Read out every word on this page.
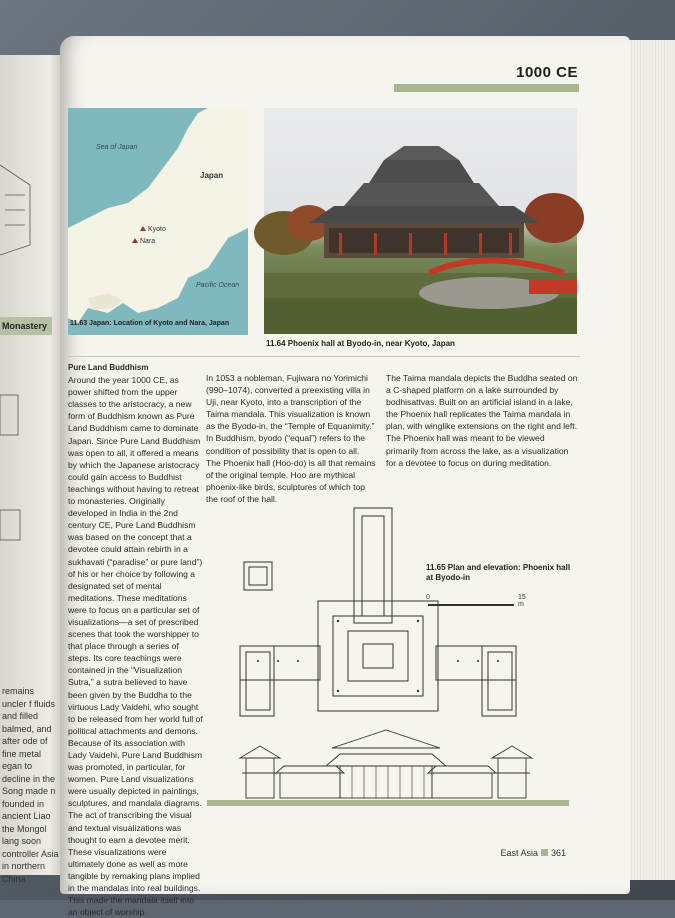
Monastery
remains uncler f fluids and filled balmed, and after ode of fine metal egan to decline in the Song made n founded in ancient Liao the Mongol lang soon controller Asia in northern China
1000 CE
Sea of Japan
Japan
Pacific Ocean
Kyoto
Nara
11.63 Japan: Location of Kyoto and Nara, Japan
11.64 Phoenix hall at Byodo-in, near Kyoto, Japan
Pure Land Buddhism

Around the year 1000 CE, as power shifted from the upper classes to the aristocracy, a new form of Buddhism known as Pure Land Buddhism came to dominate Japan. Since Pure Land Buddhism was open to all, it offered a means by which the Japanese aristocracy could gain access to Buddhist teachings without having to retreat to monasteries. Originally developed in India in the 2nd century CE, Pure Land Buddhism was based on the concept that a devotee could attain rebirth in a sukhavati (“paradise” or pure land”) of his or her choice by following a designated set of mental meditations. These meditations were to focus on a particular set of visualizations—a set of prescribed scenes that took the worshipper to that place through a series of steps. Its core teachings were contained in the “Visualization Sutra,” a sutra believed to have been given by the Buddha to the virtuous Lady Vaidehi, who sought to be released from her world full of political attachments and demons. Because of its association with Lady Vaidehi, Pure Land Buddhism was promoted, in particular, for women. Pure Land visualizations were usually depicted in paintings, sculptures, and mandala diagrams. The act of transcribing the visual and textual visualizations was thought to earn a devotee merit. These visualizations were ultimately done as well as more tangible by remaking plans implied in the mandalas into real buildings. This made the mandala itself into an object of worship.

In 1053 a nobleman, Fujiwara no Yorimichi (990–1074), converted a preexisting villa in Uji, near Kyoto, into a transcription of the Taima mandala. This visualization is known as the Byodo-in, the “Temple of Equanimity.” In Buddhism, byodo (“equal”) refers to the condition of possibility that is open to all. The Phoenix hall (Hoo-do) is all that remains of the original temple. Hoo are mythical phoenix-like birds, sculptures of which top the roof of the hall.

The Taima mandala depicts the Buddha seated on a C-shaped platform on a lake surrounded by bodhisattvas. Built on an artificial island in a lake, the Phoenix hall replicates the Taima mandala in plan, with winglike extensions on the right and left. The Phoenix hall was meant to be viewed primarily from across the lake, as a visualization for a devotee to focus on during meditation.

11.65 Plan and elevation: Phoenix hall at Byodo-in
0	15 m
East Asia 361
